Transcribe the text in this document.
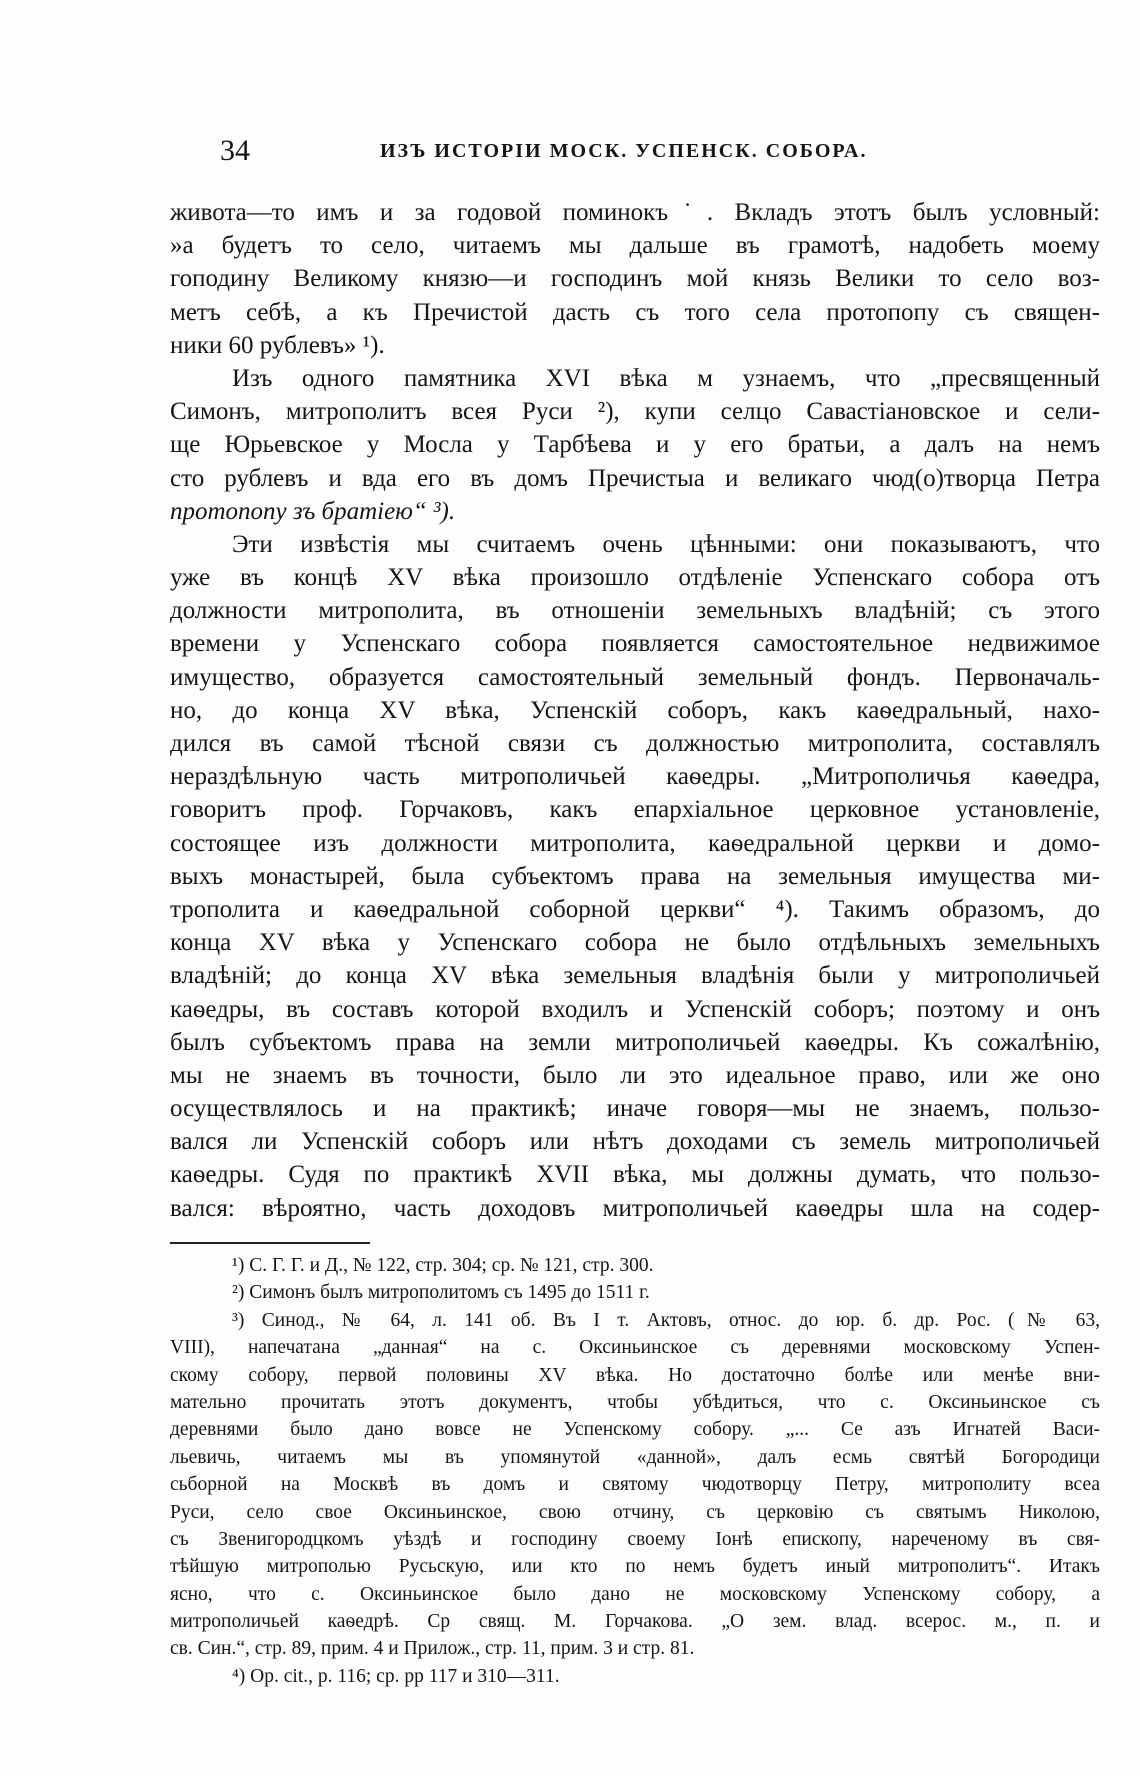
34	ИЗЪ ИСТОРІИ МОСК. УСПЕНСК. СОБОРА.
живота—то имъ и за годовой поминокъ˙. Вкладъ этотъ былъ условный:
»а будетъ то село, читаемъ мы дальше въ грамотѣ, надобеть моему
гоподину Великому князю—и господинъ мой князь Велики то село воз-
метъ себѣ, а къ Пречистой дасть съ того села протопопу съ священ-
ники 60 рублевъ» ¹).
Изъ одного памятника XVI вѣка м узнаемъ, что „пресвященный
Симонъ, митрополитъ всея Руси ²), купи селцо Савастіановское и сели-
ще Юрьевское у Мосла у Тарбѣева и у его братьи, а далъ на немъ
сто рублевъ и вда его въ домъ Пречистыа и великаго чюд(о)творца Петра
протопопу зъ братіею“ ³).
Эти извѣстія мы считаемъ очень цѣнными: они показываютъ, что
уже въ концѣ XV вѣка произошло отдѣленіе Успенскаго собора отъ
должности митрополита, въ отношеніи земельныхъ владѣній; съ этого
времени у Успенскаго собора появляется самостоятельное недвижимое
имущество, образуется самостоятельный земельный фондъ. Первоначаль-
но, до конца XV вѣка, Успенскій соборъ, какъ каѳедральный, нахо-
дился въ самой тѣсной связи съ должностью митрополита, составлялъ
нераздѣльную часть митрополичьей каѳедры. „Митрополичья каѳедра,
говоритъ проф. Горчаковъ, какъ епархіальное церковное установленіе,
состоящее изъ должности митрополита, каѳедральной церкви и домо-
выхъ монастырей, была субъектомъ права на земельныя имущества ми-
трополита и каѳедральной соборной церкви“ ⁴). Такимъ образомъ, до
конца XV вѣка у Успенскаго собора не было отдѣльныхъ земельныхъ
владѣній; до конца XV вѣка земельныя владѣнія были у митрополичьей
каѳедры, въ составъ которой входилъ и Успенскій соборъ; поэтому и онъ
былъ субъектомъ права на земли митрополичьей каѳедры. Къ сожалѣнію,
мы не знаемъ въ точности, было ли это идеальное право, или же оно
осуществлялось и на практикѣ; иначе говоря—мы не знаемъ, пользо-
вался ли Успенскій соборъ или нѣтъ доходами съ земель митрополичьей
каѳедры. Судя по практикѣ XVII вѣка, мы должны думать, что пользо-
вался: вѣроятно, часть доходовъ митрополичьей каѳедры шла на содер-
¹) С. Г. Г. и Д., № 122, стр. 304; ср. № 121, стр. 300.
²) Симонъ былъ митрополитомъ съ 1495 до 1511 г.
³) Синод., № 64, л. 141 об. Въ I т. Актовъ, относ. до юр. б. др. Рос. (№ 63,
VIII), напечатана „данная“ на с. Оксиньинское съ деревнями московскому Успен-
скому собору, первой половины XV вѣка. Но достаточно болѣе или менѣе вни-
мательно прочитать этотъ документъ, чтобы убѣдиться, что с. Оксиньинское съ
деревнями было дано вовсе не Успенскому собору. „... Се азъ Игнатей Васи-
льевичь, читаемъ мы въ упомянутой «данной», далъ есмь святѣй Богородици
сьборной на Москвѣ въ домъ и святому чюдотворцу Петру, митрополиту всеа
Руси, село свое Оксиньинское, свою отчину, съ церковію съ святымъ Николою,
съ Звенигородцкомъ уѣздѣ и господину своему Іонѣ епископу, нареченому въ свя-
тѣйшую митрополью Русьскую, или кто по немъ будетъ иный митрополитъ“. Итакъ
ясно, что с. Оксиньинское было дано не московскому Успенскому собору, а
митрополичьей каѳедрѣ. Ср свящ. М. Горчакова. „О зем. влад. всерос. м., п. и
св. Син.“, стр. 89, прим. 4 и Прилож., стр. 11, прим. 3 и стр. 81.
⁴) Op. cit., p. 116; ср. pp 117 и 310—311.
